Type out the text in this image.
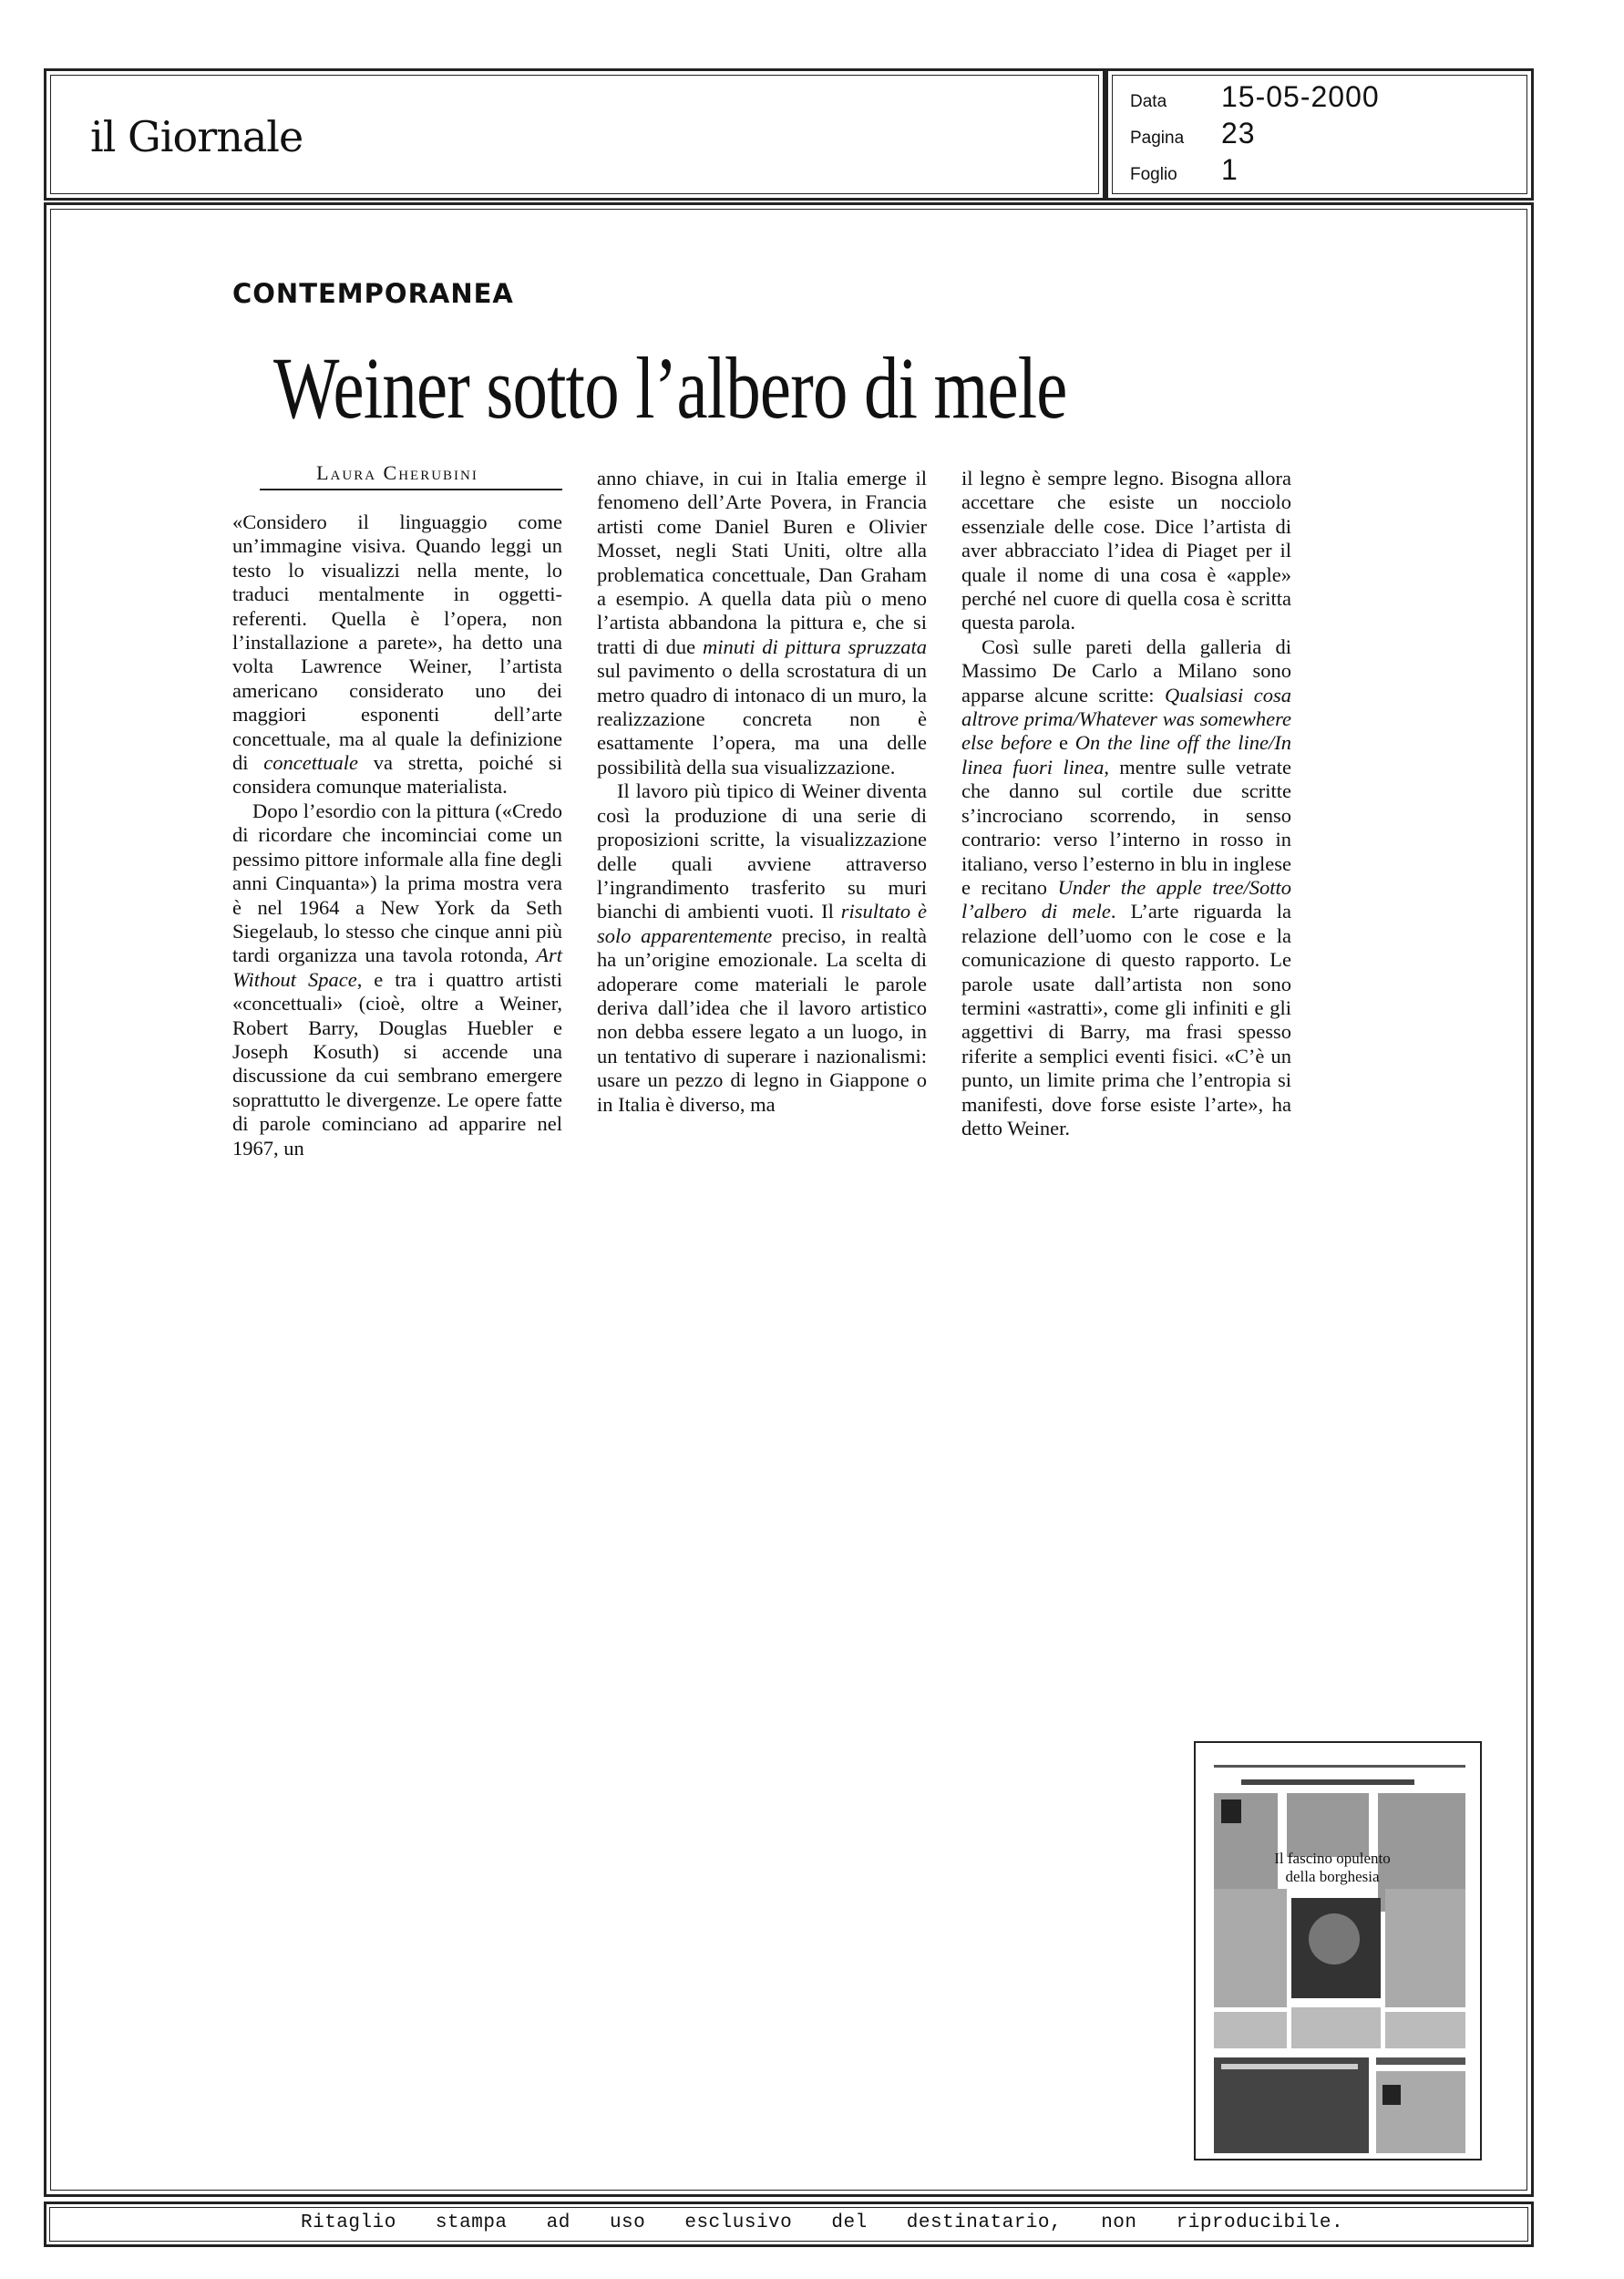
il Giornale
Data 15-05-2000
Pagina 23
Foglio 1
CONTEMPORANEA
Weiner sotto l’albero di mele
Laura Cherubini

«Considero il linguaggio come un’immagine visiva. Quando leggi un testo lo visualizzi nella mente, lo traduci mentalmente in oggetti-referenti. Quella è l’opera, non l’installazione a parete», ha detto una volta Lawrence Weiner, l’artista americano considerato uno dei maggiori esponenti dell’arte concettuale, ma al quale la definizione di concettuale va stretta, poiché si considera comunque materialista.

Dopo l’esordio con la pittura («Credo di ricordare che incominciai come un pessimo pittore informale alla fine degli anni Cinquanta») la prima mostra vera è nel 1964 a New York da Seth Siegelaub, lo stesso che cinque anni più tardi organizza una tavola rotonda, Art Without Space, e tra i quattro artisti «concettuali» (cioè, oltre a Weiner, Robert Barry, Douglas Huebler e Joseph Kosuth) si accende una discussione da cui sembrano emergere soprattutto le divergenze. Le opere fatte di parole cominciano ad apparire nel 1967, un

anno chiave, in cui in Italia emerge il fenomeno dell’Arte Povera, in Francia artisti come Daniel Buren e Olivier Mosset, negli Stati Uniti, oltre alla problematica concettuale, Dan Graham a esempio. A quella data più o meno l’artista abbandona la pittura e, che si tratti di due minuti di pittura spruzzata sul pavimento o della scrostatura di un metro quadro di intonaco di un muro, la realizzazione concreta non è esattamente l’opera, ma una delle possibilità della sua visualizzazione.

Il lavoro più tipico di Weiner diventa così la produzione di una serie di proposizioni scritte, la visualizzazione delle quali avviene attraverso l’ingrandimento trasferito su muri bianchi di ambienti vuoti. Il risultato è solo apparentemente preciso, in realtà ha un’origine emozionale. La scelta di adoperare come materiali le parole deriva dall’idea che il lavoro artistico non debba essere legato a un luogo, in un tentativo di superare i nazionalismi: usare un pezzo di legno in Giappone o in Italia è diverso, ma

il legno è sempre legno. Bisogna allora accettare che esiste un nocciolo essenziale delle cose. Dice l’artista di aver abbracciato l’idea di Piaget per il quale il nome di una cosa è «apple» perché nel cuore di quella cosa è scritta questa parola.

Così sulle pareti della galleria di Massimo De Carlo a Milano sono apparse alcune scritte: Qualsiasi cosa altrove prima/Whatever was somewhere else before e On the line off the line/In linea fuori linea, mentre sulle vetrate che danno sul cortile due scritte s’incrociano scorrendo, in senso contrario: verso l’interno in rosso in italiano, verso l’esterno in blu in inglese e recitano Under the apple tree/Sotto l’albero di mele. L’arte riguarda la relazione dell’uomo con le cose e la comunicazione di questo rapporto. Le parole usate dall’artista non sono termini «astratti», come gli infiniti e gli aggettivi di Barry, ma frasi spesso riferite a semplici eventi fisici. «C’è un punto, un limite prima che l’entropia si manifesti, dove forse esiste l’arte», ha detto Weiner.

Il fascino opulento
della borghesia
Ritaglio stampa ad uso esclusivo del destinatario, non riproducibile.
